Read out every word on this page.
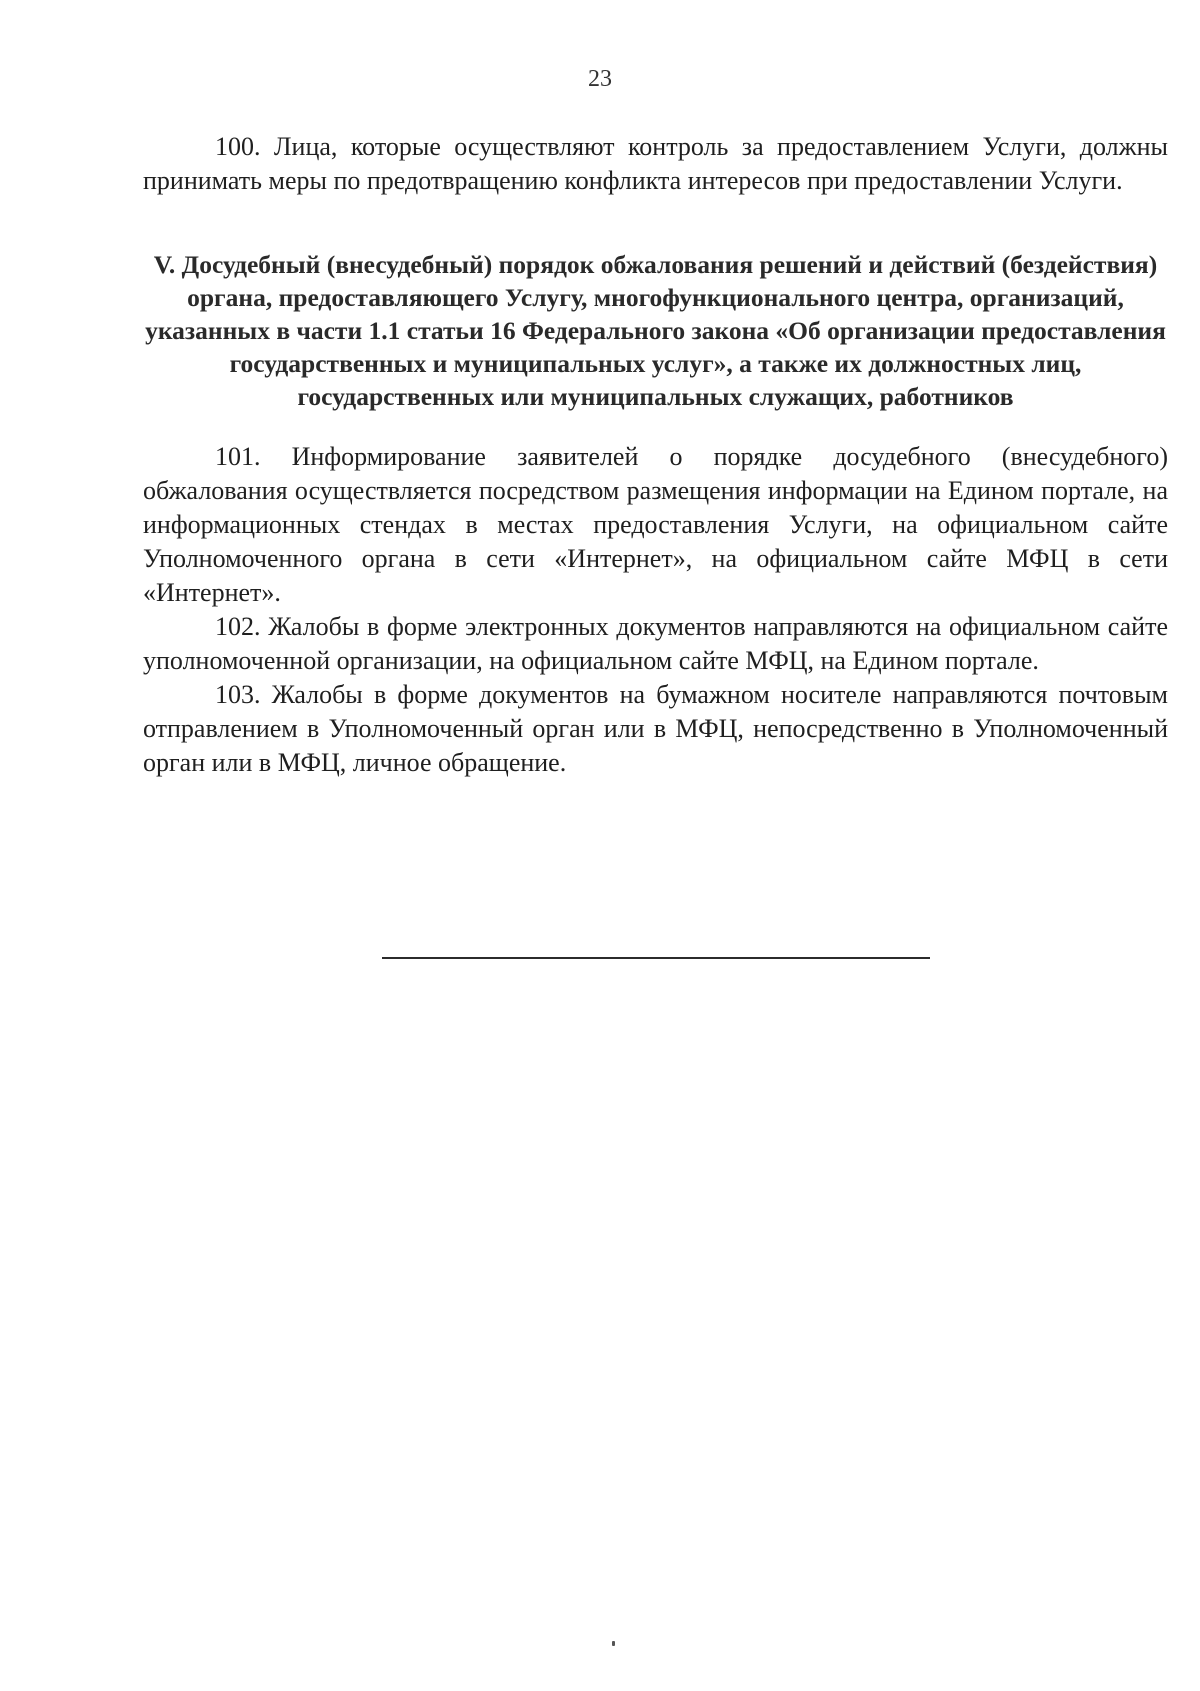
23

100. Лица, которые осуществляют контроль за предоставлением Услуги, должны принимать меры по предотвращению конфликта интересов при предоставлении Услуги.

V. Досудебный (внесудебный) порядок обжалования решений и действий (бездействия) органа, предоставляющего Услугу, многофункционального центра, организаций, указанных в части 1.1 статьи 16 Федерального закона «Об организации предоставления государственных и муниципальных услуг», а также их должностных лиц, государственных или муниципальных служащих, работников

101. Информирование заявителей о порядке досудебного (внесудебного) обжалования осуществляется посредством размещения информации на Едином портале, на информационных стендах в местах предоставления Услуги, на официальном сайте Уполномоченного органа в сети «Интернет», на официальном сайте МФЦ в сети «Интернет».

102. Жалобы в форме электронных документов направляются на официальном сайте уполномоченной организации, на официальном сайте МФЦ, на Едином портале.

103. Жалобы в форме документов на бумажном носителе направляются почтовым отправлением в Уполномоченный орган или в МФЦ, непосредственно в Уполномоченный орган или в МФЦ, личное обращение.
